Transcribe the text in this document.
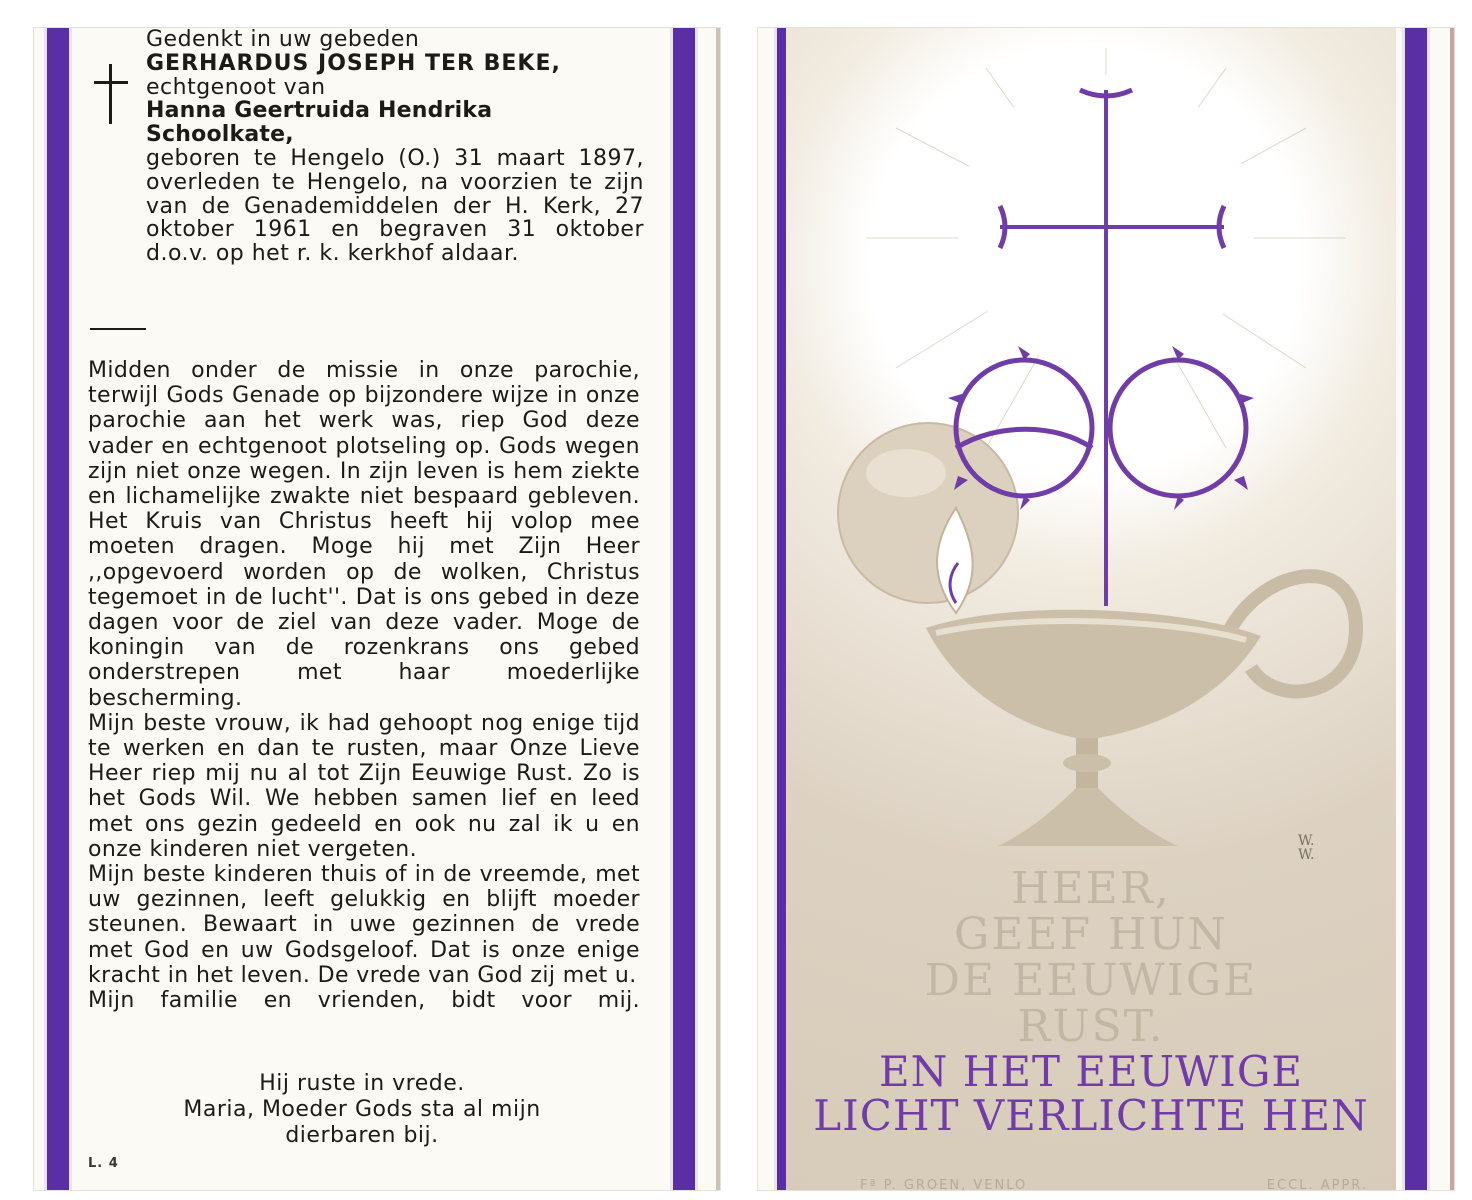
Gedenkt in uw gebeden

GERHARDUS JOSEPH TER BEKE,

echtgenoot van

Hanna Geertruida Hendrika Schoolkate,

geboren te Hengelo (O.) 31 maart 1897, overleden te Hengelo, na voorzien te zijn van de Genademiddelen der H. Kerk, 27 oktober 1961 en begraven 31 oktober d.o.v. op het r. k. kerkhof aldaar.

Midden onder de missie in onze parochie, terwijl Gods Genade op bijzondere wijze in onze parochie aan het werk was, riep God deze vader en echtgenoot plotseling op. Gods wegen zijn niet onze wegen. In zijn leven is hem ziekte en lichamelijke zwakte niet bespaard gebleven. Het Kruis van Christus heeft hij volop mee moeten dragen. Moge hij met Zijn Heer ,,opgevoerd worden op de wolken, Christus tegemoet in de lucht''. Dat is ons gebed in deze dagen voor de ziel van deze vader. Moge de koningin van de rozenkrans ons gebed onderstrepen met haar moederlijke bescherming.

Mijn beste vrouw, ik had gehoopt nog enige tijd te werken en dan te rusten, maar Onze Lieve Heer riep mij nu al tot Zijn Eeuwige Rust. Zo is het Gods Wil. We hebben samen lief en leed met ons gezin gedeeld en ook nu zal ik u en onze kinderen niet vergeten.

Mijn beste kinderen thuis of in de vreemde, met uw gezinnen, leeft gelukkig en blijft moeder steunen. Bewaart in uwe gezinnen de vrede met God en uw Godsgeloof. Dat is onze enige kracht in het leven. De vrede van God zij met u.

Mijn familie en vrienden, bidt voor mij.

Hij ruste in vrede.

Maria, Moeder Gods sta al mijn

dierbaren bij.

L. 4
W.
W.

HEER,

GEEF HUN

DE EEUWIGE

RUST.

EN HET EEUWIGE

LICHT VERLICHTE HEN

Fª P. GROEN, VENLO	ECCL. APPR.
